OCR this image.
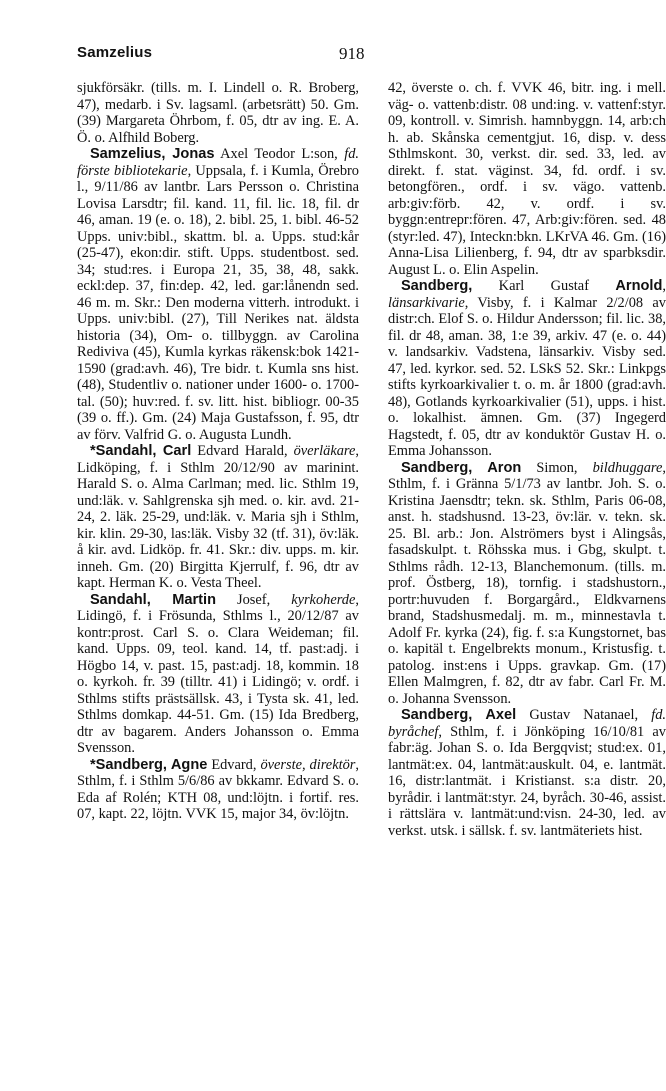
Samzelius	918

sjukförsäkr. (tills. m. I. Lindell o. R. Broberg, 47), medarb. i Sv. lagsaml. (arbetsrätt) 50. Gm. (39) Margareta Öhrbom, f. 05, dtr av ing. E. A. Ö. o. Alfhild Boberg.

Samzelius, Jonas Axel Teodor L:son, fd. förste bibliotekarie, Uppsala, f. i Kumla, Örebro l., 9/11/86 av lantbr. Lars Persson o. Christina Lovisa Larsdtr; fil. kand. 11, fil. lic. 18, fil. dr 46, aman. 19 (e. o. 18), 2. bibl. 25, 1. bibl. 46-52 Upps. univ:bibl., skattm. bl. a. Upps. stud:kår (25-47), ekon:dir. stift. Upps. studentbost. sed. 34; stud:res. i Europa 21, 35, 38, 48, sakk. eckl:dep. 37, fin:dep. 42, led. gar:lånendn sed. 46 m. m. Skr.: Den moderna vitterh. introdukt. i Upps. univ:bibl. (27), Till Nerikes nat. äldsta historia (34), Om- o. tillbyggn. av Carolina Rediviva (45), Kumla kyrkas räkensk:bok 1421-1590 (grad:avh. 46), Tre bidr. t. Kumla sns hist. (48), Studentliv o. nationer under 1600- o. 1700-tal. (50); huv:red. f. sv. litt. hist. bibliogr. 00-35 (39 o. ff.). Gm. (24) Maja Gustafsson, f. 95, dtr av förv. Valfrid G. o. Augusta Lundh.

*Sandahl, Carl Edvard Harald, överläkare, Lidköping, f. i Sthlm 20/12/90 av marinint. Harald S. o. Alma Carlman; med. lic. Sthlm 19, und:läk. v. Sahlgrenska sjh med. o. kir. avd. 21-24, 2. läk. 25-29, und:läk. v. Maria sjh i Sthlm, kir. klin. 29-30, las:läk. Visby 32 (tf. 31), öv:läk. å kir. avd. Lidköp. fr. 41. Skr.: div. upps. m. kir. inneh. Gm. (20) Birgitta Kjerrulf, f. 96, dtr av kapt. Herman K. o. Vesta Theel.

Sandahl, Martin Josef, kyrkoherde, Lidingö, f. i Frösunda, Sthlms l., 20/12/87 av kontr:prost. Carl S. o. Clara Weideman; fil. kand. Upps. 09, teol. kand. 14, tf. past:adj. i Högbo 14, v. past. 15, past:adj. 18, kommin. 18 o. kyrkoh. fr. 39 (tilltr. 41) i Lidingö; v. ordf. i Sthlms stifts prästsällsk. 43, i Tysta sk. 41, led. Sthlms domkap. 44-51. Gm. (15) Ida Bredberg, dtr av bagarem. Anders Johansson o. Emma Svensson.

*Sandberg, Agne Edvard, överste, direktör, Sthlm, f. i Sthlm 5/6/86 av bkkamr. Edvard S. o. Eda af Rolén; KTH 08, und:löjtn. i fortif. res. 07, kapt. 22, löjtn. VVK 15, major 34, öv:löjtn.

42, överste o. ch. f. VVK 46, bitr. ing. i mell. väg- o. vattenb:distr. 08 und:ing. v. vattenf:styr. 09, kontroll. v. Simrish. hamnbyggn. 14, arb:ch h. ab. Skånska cementgjut. 16, disp. v. dess Sthlmskont. 30, verkst. dir. sed. 33, led. av direkt. f. stat. väginst. 34, fd. ordf. i sv. betongfören., ordf. i sv. vägo. vattenb. arb:giv:förb. 42, v. ordf. i sv. byggn:entrepr:fören. 47, Arb:giv:fören. sed. 48 (styr:led. 47), Inteckn:bkn. LKrVA 46. Gm. (16) Anna-Lisa Lilienberg, f. 94, dtr av sparbksdir. August L. o. Elin Aspelin.

Sandberg, Karl Gustaf Arnold, länsarkivarie, Visby, f. i Kalmar 2/2/08 av distr:ch. Elof S. o. Hildur Andersson; fil. lic. 38, fil. dr 48, aman. 38, 1:e 39, arkiv. 47 (e. o. 44) v. landsarkiv. Vadstena, länsarkiv. Visby sed. 47, led. kyrkor. sed. 52. LSkS 52. Skr.: Linkpgs stifts kyrkoarkivalier t. o. m. år 1800 (grad:avh. 48), Gotlands kyrkoarkivalier (51), upps. i hist. o. lokalhist. ämnen. Gm. (37) Ingegerd Hagstedt, f. 05, dtr av konduktör Gustav H. o. Emma Johansson.

Sandberg, Aron Simon, bildhuggare, Sthlm, f. i Gränna 5/1/73 av lantbr. Joh. S. o. Kristina Jaensdtr; tekn. sk. Sthlm, Paris 06-08, anst. h. stadshusnd. 13-23, öv:lär. v. tekn. sk. 25. Bl. arb.: Jon. Alströmers byst i Alingsås, fasadskulpt. t. Röhsska mus. i Gbg, skulpt. t. Sthlms rådh. 12-13, Blanchemonum. (tills. m. prof. Östberg, 18), tornfig. i stadshustorn., portr:huvuden f. Borgargård., Eldkvarnens brand, Stadshusmedalj. m. m., minnestavla t. Adolf Fr. kyrka (24), fig. f. s:a Kungstornet, bas o. kapitäl t. Engelbrekts monum., Kristusfig. t. patolog. inst:ens i Upps. gravkap. Gm. (17) Ellen Malmgren, f. 82, dtr av fabr. Carl Fr. M. o. Johanna Svensson.

Sandberg, Axel Gustav Natanael, fd. byråchef, Sthlm, f. i Jönköping 16/10/81 av fabr:äg. Johan S. o. Ida Bergqvist; stud:ex. 01, lantmät:ex. 04, lantmät:auskult. 04, e. lantmät. 16, distr:lantmät. i Kristianst. s:a distr. 20, byrådir. i lantmät:styr. 24, byråch. 30-46, assist. i rättslära v. lantmät:und:visn. 24-30, led. av verkst. utsk. i sällsk. f. sv. lantmäteriets hist.
